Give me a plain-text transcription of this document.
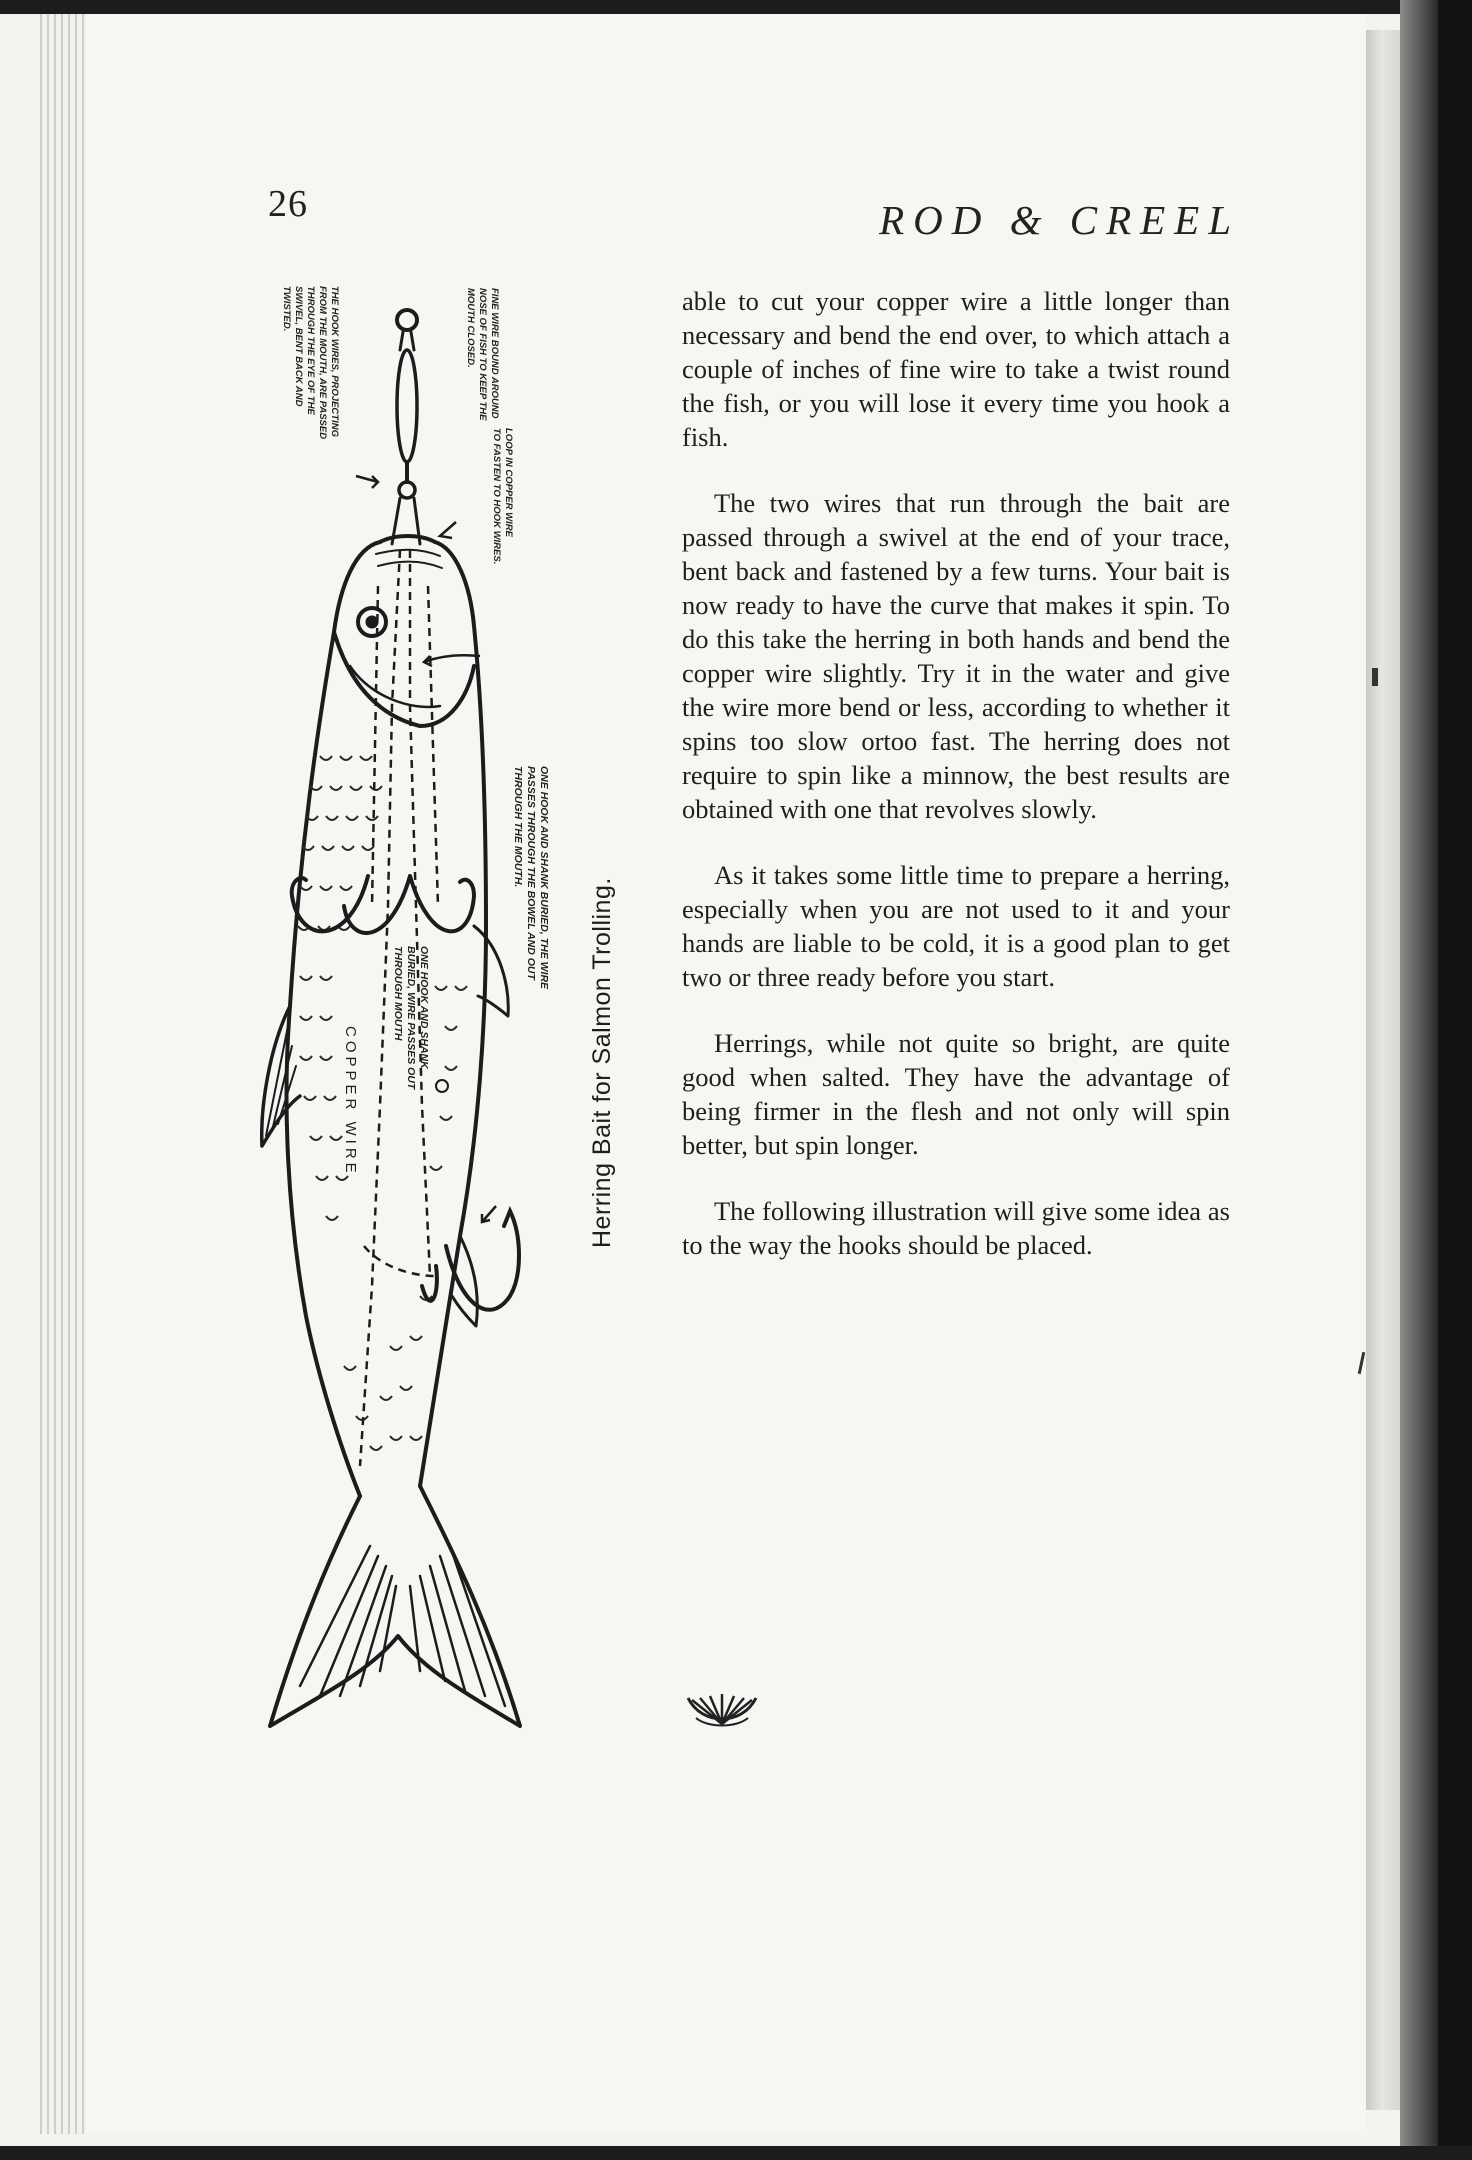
26	ROD & CREEL
THE HOOK WIRES, PROJECTING
FROM THE MOUTH, ARE PASSED
THROUGH THE EYE OF THE
SWIVEL, BENT BACK AND
TWISTED.	FINE WIRE BOUND AROUND
NOSE OF FISH TO KEEP THE
MOUTH CLOSED.
LOOP IN COPPER WIRE
TO FASTEN TO HOOK WIRES.
ONE HOOK AND SHANK BURIED, THE WIRE
PASSES THROUGH THE BOWEL AND OUT
THROUGH THE MOUTH.
ONE HOOK AND SHANK
BURIED, WIRE PASSES OUT
THROUGH MOUTH
COPPER WIRE	Herring Bait for Salmon Trolling.

able to cut your copper wire a little longer than necessary and bend the end over, to which attach a couple of inches of fine wire to take a twist round the fish, or you will lose it every time you hook a fish.

The two wires that run through the bait are passed through a swivel at the end of your trace, bent back and fastened by a few turns. Your bait is now ready to have the curve that makes it spin. To do this take the herring in both hands and bend the copper wire slightly. Try it in the water and give the wire more bend or less, according to whether it spins too slow ortoo fast. The herring does not require to spin like a minnow, the best results are obtained with one that revolves slowly.

As it takes some little time to prepare a herring, especially when you are not used to it and your hands are liable to be cold, it is a good plan to get two or three ready before you start.

Herrings, while not quite so bright, are quite good when salted. They have the advantage of being firmer in the flesh and not only will spin better, but spin longer.

The following illustration will give some idea as to the way the hooks should be placed.
